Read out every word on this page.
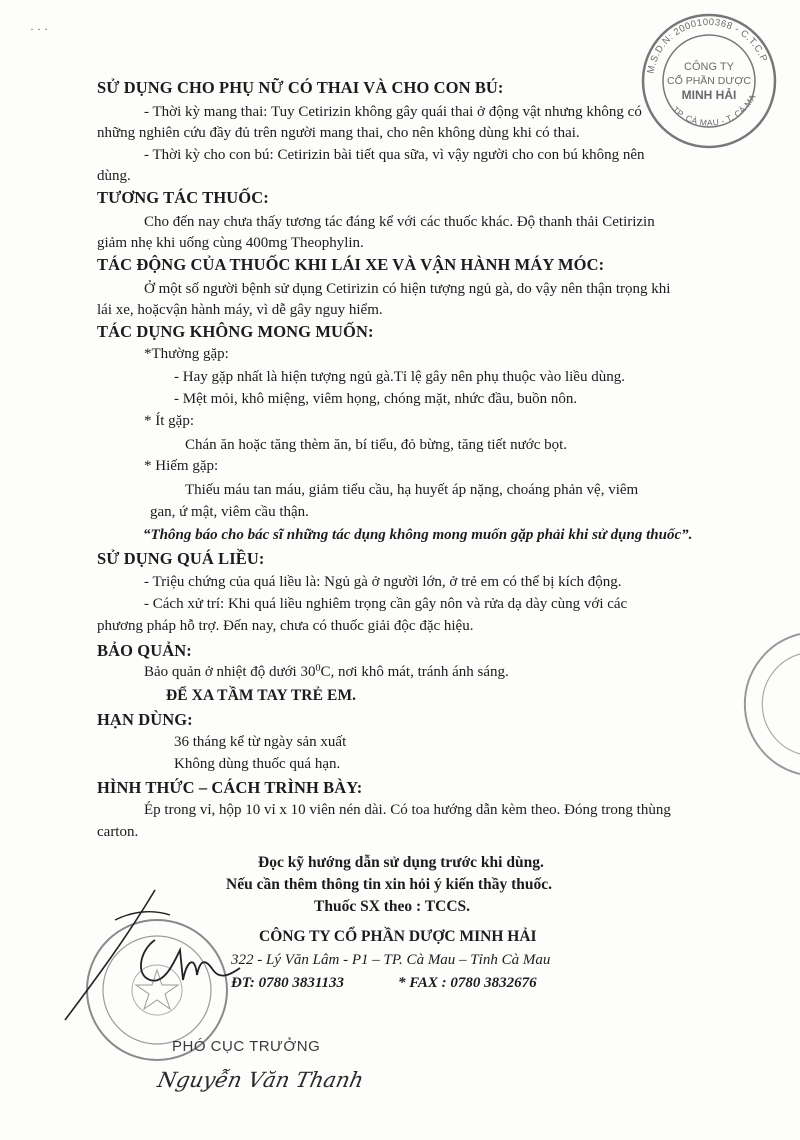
· · ·
M.S.D.N: 2000100368 - C.T.C.P
TP. CÀ MAU - T. CÀ MAU
CÔNG TY
CỔ PHẦN DƯỢC
MINH HẢI
SỬ DỤNG CHO PHỤ NỮ CÓ THAI VÀ CHO CON BÚ:
- Thời kỳ mang thai: Tuy Cetirizin không gây quái thai ở động vật nhưng không có
những nghiên cứu đầy đủ trên người mang thai, cho nên không dùng khi có thai.
- Thời kỳ cho con bú: Cetirizin bài tiết qua sữa, vì vậy người cho con bú không nên
dùng.
TƯƠNG TÁC THUỐC:
Cho đến nay chưa thấy tương tác đáng kể với các thuốc khác. Độ thanh thải Cetirizin
giảm nhẹ khi uống cùng 400mg Theophylin.
TÁC ĐỘNG CỦA THUỐC KHI LÁI XE VÀ VẬN HÀNH MÁY MÓC:
Ở một số người bệnh sử dụng Cetirizin có hiện tượng ngủ gà, do vậy nên thận trọng khi
lái xe, hoặcvận hành máy, vì dễ gây nguy hiểm.
TÁC DỤNG KHÔNG MONG MUỐN:
*Thường gặp:
- Hay gặp nhất là hiện tượng ngủ gà.Tỉ lệ gây nên phụ thuộc vào liều dùng.
- Mệt mỏi, khô miệng, viêm họng, chóng mặt, nhức đầu, buồn nôn.
* Ít gặp:
Chán ăn hoặc tăng thèm ăn, bí tiểu, đỏ bừng, tăng tiết nước bọt.
* Hiếm gặp:
Thiếu máu tan máu, giảm tiểu cầu, hạ huyết áp nặng, choáng phản vệ, viêm
gan, ứ mật, viêm cầu thận.
“Thông báo cho bác sĩ những tác dụng không mong muốn gặp phải khi sử dụng thuốc”.
SỬ DỤNG QUÁ LIỀU:
- Triệu chứng của quá liều là: Ngủ gà ở người lớn, ở trẻ em có thể bị kích động.
- Cách xử trí: Khi quá liều nghiêm trọng cần gây nôn và rửa dạ dày cùng với các
phương pháp hỗ trợ. Đến nay, chưa có thuốc giải độc đặc hiệu.
BẢO QUẢN:
Bảo quản ở nhiệt độ dưới $30^0C$, nơi khô mát, tránh ánh sáng.
ĐỂ XA TẦM TAY TRẺ EM.
HẠN DÙNG:
36 tháng kể từ ngày sản xuất
Không dùng thuốc quá hạn.
HÌNH THỨC – CÁCH TRÌNH BÀY:
Ép trong vỉ, hộp 10 vỉ x 10 viên nén dài. Có toa hướng dẫn kèm theo. Đóng trong thùng
carton.
Đọc kỹ hướng dẫn sử dụng trước khi dùng.
Nếu cần thêm thông tin xin hỏi ý kiến thầy thuốc.
Thuốc SX theo : TCCS.
CÔNG TY CỔ PHẦN DƯỢC MINH HẢI
322 - Lý Văn Lâm - P1 – TP. Cà Mau – Tỉnh Cà Mau
ĐT: 0780 3831133	* FAX : 0780 3832676
PHÓ CỤC TRƯỞNG
Nguyễn Văn Thanh
